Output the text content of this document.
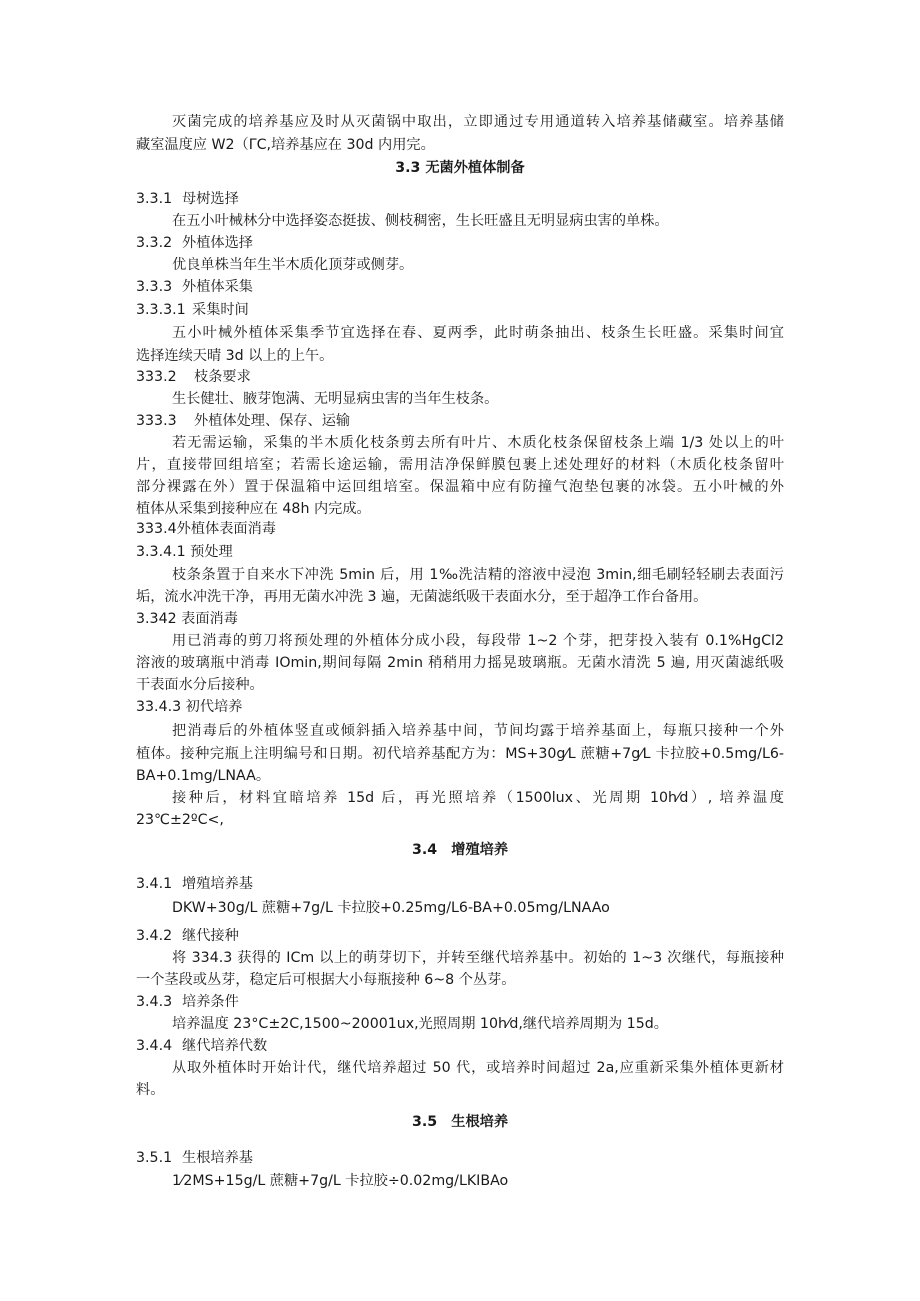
灭菌完成的培养基应及时从灭菌锅中取出，立即通过专用通道转入培养基储藏室。培养基储
藏室温度应 W2（ΓC,培养基应在 30d 内用完。
3.3 无菌外植体制备
3.3.1 母树选择
在五小叶械林分中选择姿态挺拔、侧枝稠密，生长旺盛且无明显病虫害的单株。
3.3.2 外植体选择
优良单株当年生半木质化顶芽或侧芽。
3.3.3 外植体采集
3.3.3.1 采集时间
五小叶械外植体采集季节宜选择在春、夏两季，此时萌条抽出、枝条生长旺盛。采集时间宜
选择连续天晴 3d 以上的上午。
333.2 枝条要求
生长健壮、腋芽饱满、无明显病虫害的当年生枝条。
333.3 外植体处理、保存、运输
若无需运输，采集的半木质化枝条剪去所有叶片、木质化枝条保留枝条上端 1/3 处以上的叶
片，直接带回组培室；若需长途运输，需用洁净保鲜膜包裹上述处理好的材料（木质化枝条留叶
部分裸露在外）置于保温箱中运回组培室。保温箱中应有防撞气泡垫包裹的冰袋。五小叶械的外
植体从采集到接种应在 48h 内完成。
333.4外植体表面消毒
3.3.4.1 预处理
枝条条置于自来水下冲洗 5min 后，用 1‰洗洁精的溶液中浸泡 3min,细毛刷轻轻刷去表面污
垢，流水冲洗干净，再用无菌水冲洗 3 遍，无菌滤纸吸干表面水分，至于超净工作台备用。
3.342 表面消毒
用已消毒的剪刀将预处理的外植体分成小段，每段带 1~2 个芽，把芽投入装有 0.1%HgCl2
溶液的玻璃瓶中消毒 IOmin,期间每隔 2min 稍稍用力摇晃玻璃瓶。无菌水清洗 5 遍, 用灭菌滤纸吸
干表面水分后接种。
33.4.3 初代培养
把消毒后的外植体竖直或倾斜插入培养基中间，节间均露于培养基面上，每瓶只接种一个外
植体。接种完瓶上注明编号和日期。初代培养基配方为：MS+30g⁄L 蔗糖+7g⁄L 卡拉胶+0.5mg/L6-
BA+0.1mg/LNAA。
接种后，材料宜暗培养 15d 后，再光照培养（1500lux、光周期 10h⁄d）, 培养温度
23℃±2ºC<,
3.4　增殖培养
3.4.1 增殖培养基
DKW+30g/L 蔗糖+7g/L 卡拉胶+0.25mg/L6-BA+0.05mg/LNAAo
3.4.2 继代接种
将 334.3 获得的 ICm 以上的萌芽切下，并转至继代培养基中。初始的 1~3 次继代，每瓶接种
一个茎段或丛芽，稳定后可根据大小每瓶接种 6~8 个丛芽。
3.4.3 培养条件
培养温度 23°C±2C,1500~20001ux,光照周期 10h⁄d,继代培养周期为 15d。
3.4.4 继代培养代数
从取外植体时开始计代，继代培养超过 50 代，或培养时间超过 2a,应重新采集外植体更新材
料。
3.5　生根培养
3.5.1 生根培养基
1⁄2MS+15g/L 蔗糖+7g/L 卡拉胶÷0.02mg/LKIBAo
